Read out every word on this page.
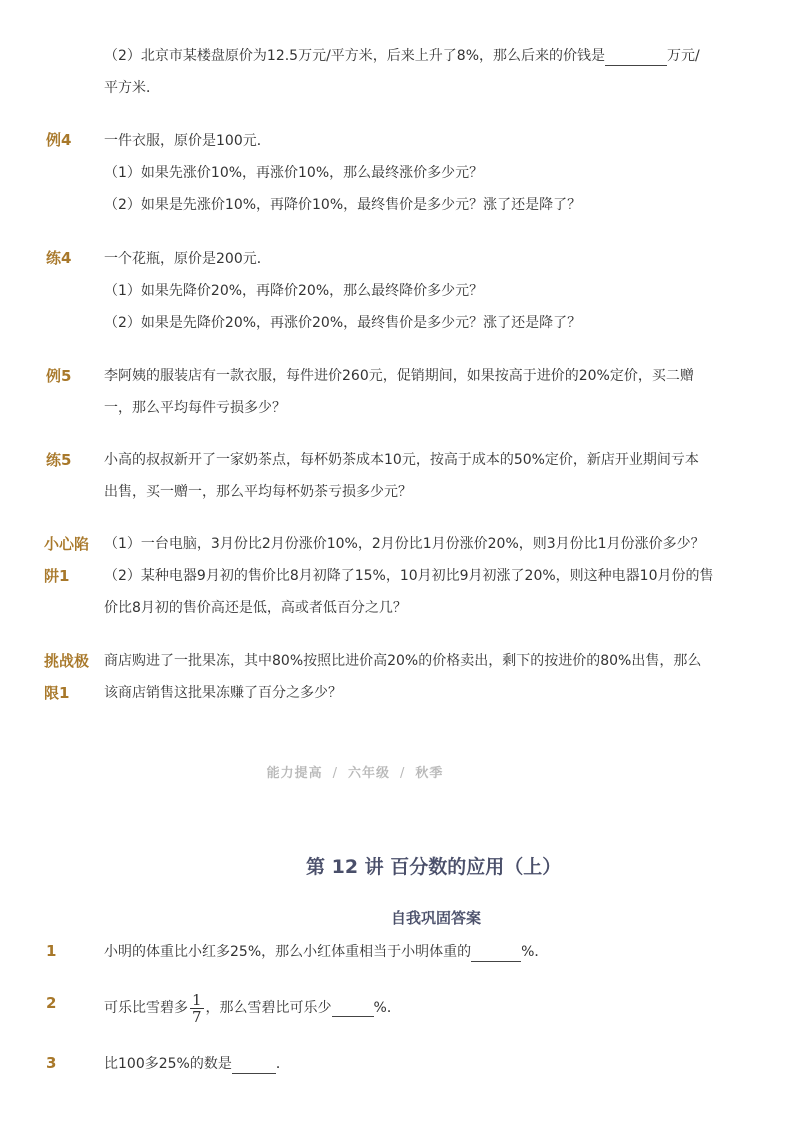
（2）北京市某楼盘原价为12.5万元/平方米，后来上升了8%，那么后来的价钱是	万元/
平方米．
例4 一件衣服，原价是100元．
（1）如果先涨价10%，再涨价10%，那么最终涨价多少元？
（2）如果是先涨价10%，再降价10%，最终售价是多少元？涨了还是降了？
练4 一个花瓶，原价是200元．
（1）如果先降价20%，再降价20%，那么最终降价多少元？
（2）如果是先降价20%，再涨价20%，最终售价是多少元？涨了还是降了？
例5 李阿姨的服装店有一款衣服，每件进价260元，促销期间，如果按高于进价的20%定价，买二赠
一，那么平均每件亏损多少？
练5 小高的叔叔新开了一家奶茶点，每杯奶茶成本10元，按高于成本的50%定价，新店开业期间亏本
出售，买一赠一，那么平均每杯奶茶亏损多少元？
小心陷
阱1
（1）一台电脑，3月份比2月份涨价10%，2月份比1月份涨价20%，则3月份比1月份涨价多少？
（2）某种电器9月初的售价比8月初降了15%，10月初比9月初涨了20%，则这种电器10月份的售
价比8月初的售价高还是低，高或者低百分之几？
挑战极
限1
商店购进了一批果冻，其中80%按照比进价高20%的价格卖出，剩下的按进价的80%出售，那么
该商店销售这批果冻赚了百分之多少？
能力提高 / 六年级 / 秋季
第 12 讲 百分数的应用（上）
自我巩固答案
1	小明的体重比小红多25%，那么小红体重相当于小明体重的	%．
2	可乐比雪碧多 $\frac{1}{7}$ ，那么雪碧比可乐少	%．
3	比100多25%的数是	．
